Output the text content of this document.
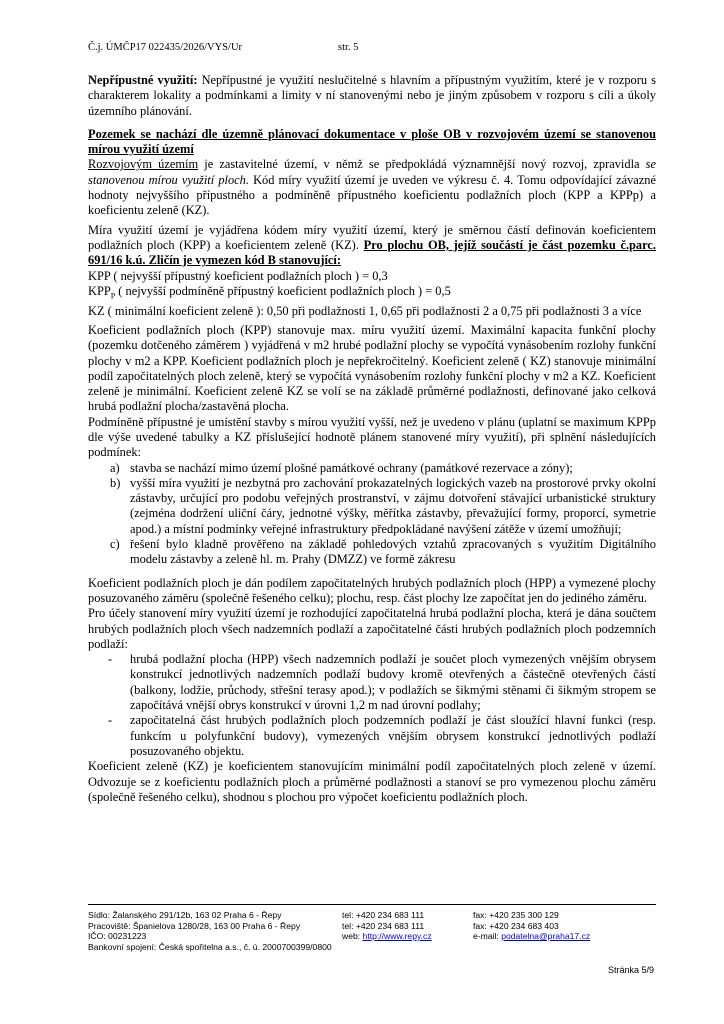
Č.j. ÚMČP17 022435/2026/VYS/Ur	str. 5

Nepřípustné využití: Nepřípustné je využití neslučitelné s hlavním a přípustným využitím, které je v rozporu s charakterem lokality a podmínkami a limity v ní stanovenými nebo je jiným způsobem v rozporu s cíli a úkoly územního plánování.

Pozemek se nachází dle územně plánovací dokumentace v ploše OB v rozvojovém území se stanovenou mírou využití území

Rozvojovým územím je zastavitelné území, v němž se předpokládá významnější nový rozvoj, zpravidla se stanovenou mírou využití ploch. Kód míry využití území je uveden ve výkresu č. 4. Tomu odpovídající závazné hodnoty nejvyššího přípustného a podmíněně přípustného koeficientu podlažních ploch (KPP a KPPp) a koeficientu zeleně (KZ).

Míra využití území je vyjádřena kódem míry využití území, který je směrnou částí definován koeficientem podlažních ploch (KPP) a koeficientem zeleně (KZ). Pro plochu OB, jejíž součástí je část pozemku č.parc. 691/16 k.ú. Zličín je vymezen kód B stanovující:

KPP ( nejvyšší přípustný koeficient podlažních ploch ) = 0,3

$KPP_P$ ( nejvyšší podmíněně přípustný koeficient podlažních ploch ) = 0,5

KZ ( minimální koeficient zeleně ): 0,50 při podlažnosti 1, 0,65 při podlažnosti 2 a 0,75 při podlažnosti 3 a více

Koeficient podlažních ploch (KPP) stanovuje max. míru využití území. Maximální kapacita funkční plochy (pozemku dotčeného záměrem ) vyjádřená v m2 hrubé podlažní plochy se vypočítá vynásobením rozlohy funkční plochy v m2 a KPP. Koeficient podlažních ploch je nepřekročitelný. Koeficient zeleně ( KZ) stanovuje minimální podíl započitatelných ploch zeleně, který se vypočítá vynásobením rozlohy funkční plochy v m2 a KZ. Koeficient zeleně je minimální. Koeficient zeleně KZ se volí se na základě průměrné podlažnosti, definované jako celková hrubá podlažní plocha/zastavěná plocha.

Podmíněně přípustné je umístění stavby s mírou využití vyšší, než je uvedeno v plánu (uplatní se maximum KPPp dle výše uvedené tabulky a KZ příslušející hodnotě plánem stanovené míry využití), při splnění následujících podmínek:

a) stavba se nachází mimo území plošné památkové ochrany (památkové rezervace a zóny);
b) vyšší míra využití je nezbytná pro zachování prokazatelných logických vazeb na prostorové prvky okolní zástavby, určující pro podobu veřejných prostranství, v zájmu dotvoření stávající urbanistické struktury (zejména dodržení uliční čáry, jednotné výšky, měřítka zástavby, převažující formy, proporcí, symetrie apod.) a místní podmínky veřejné infrastruktury předpokládané navýšení zátěže v území umožňují;
c) řešení bylo kladně prověřeno na základě pohledových vztahů zpracovaných s využitím Digitálního modelu zástavby a zeleně hl. m. Prahy (DMZZ) ve formě zákresu

Koeficient podlažních ploch je dán podílem započitatelných hrubých podlažních ploch (HPP) a vymezené plochy posuzovaného záměru (společně řešeného celku); plochu, resp. část plochy lze započítat jen do jediného záměru.

Pro účely stanovení míry využití území je rozhodující započitatelná hrubá podlažní plocha, která je dána součtem hrubých podlažních ploch všech nadzemních podlaží a započitatelné části hrubých podlažních ploch podzemních podlaží:

- hrubá podlažní plocha (HPP) všech nadzemních podlaží je součet ploch vymezených vnějším obrysem konstrukcí jednotlivých nadzemních podlaží budovy kromě otevřených a částečně otevřených částí (balkony, lodžie, průchody, střešní terasy apod.); v podlažích se šikmými stěnami či šikmým stropem se započítává vnější obrys konstrukcí v úrovni 1,2 m nad úrovní podlahy;
- započitatelná část hrubých podlažních ploch podzemních podlaží je část sloužící hlavní funkci (resp. funkcím u polyfunkční budovy), vymezených vnějším obrysem konstrukcí jednotlivých podlaží posuzovaného objektu.

Koeficient zeleně (KZ) je koeficientem stanovujícím minimální podíl započitatelných ploch zeleně v území. Odvozuje se z koeficientu podlažních ploch a průměrné podlažnosti a stanoví se pro vymezenou plochu záměru (společně řešeného celku), shodnou s plochou pro výpočet koeficientu podlažních ploch.

Sídlo: Žalanského 291/12b, 163 02 Praha 6 - Řepy
Pracoviště: Španielova 1280/28, 163 00 Praha 6 - Řepy
IČO: 00231223
Bankovní spojení: Česká spořitelna a.s., č. ú. 2000700399/0800
tel: +420 234 683 111
tel: +420 234 683 111
web: http://www.repy.cz
fax: +420 235 300 129
fax: +420 234 683 403
e-mail: podatelna@praha17.cz
Stránka 5/9
